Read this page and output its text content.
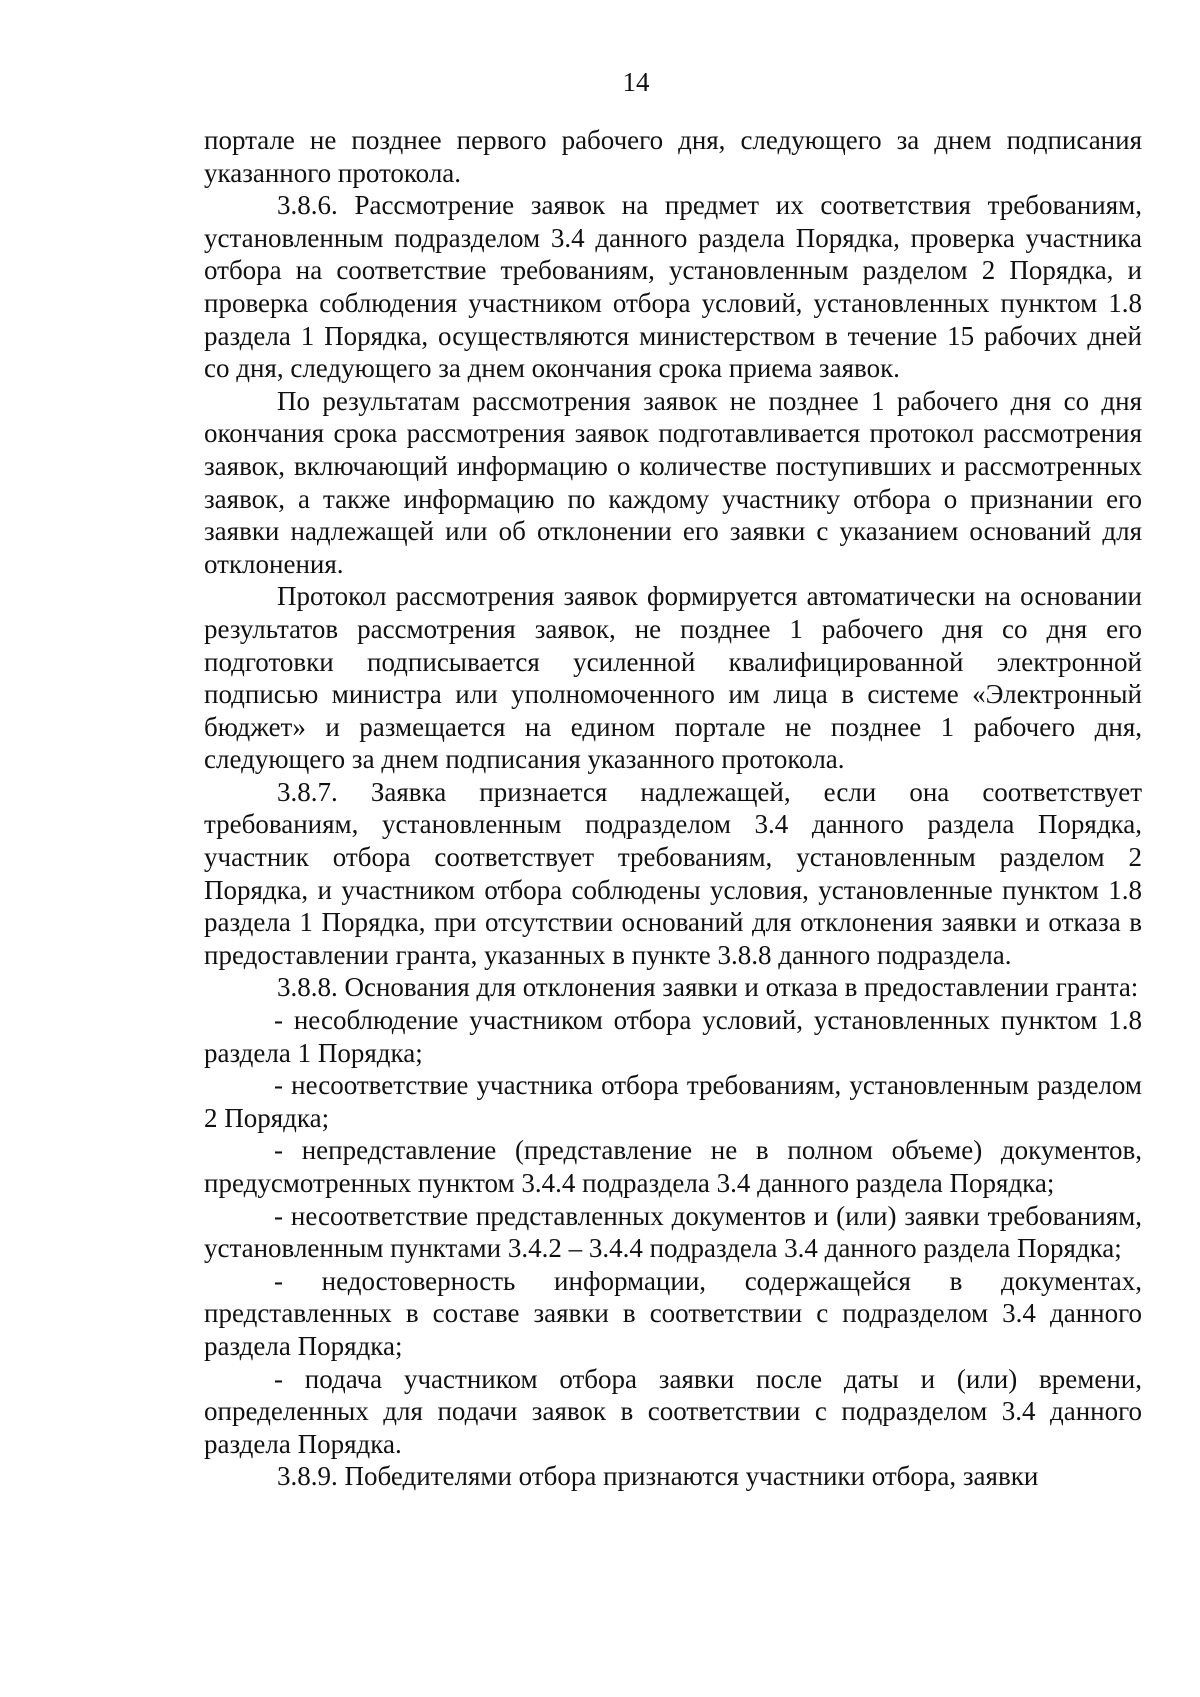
14

портале не позднее первого рабочего дня, следующего за днем подписания указанного протокола.

3.8.6. Рассмотрение заявок на предмет их соответствия требованиям, установленным подразделом 3.4 данного раздела Порядка, проверка участника отбора на соответствие требованиям, установленным разделом 2 Порядка, и проверка соблюдения участником отбора условий, установленных пунктом 1.8 раздела 1 Порядка, осуществляются министерством в течение 15 рабочих дней со дня, следующего за днем окончания срока приема заявок.

По результатам рассмотрения заявок не позднее 1 рабочего дня со дня окончания срока рассмотрения заявок подготавливается протокол рассмотрения заявок, включающий информацию о количестве поступивших и рассмотренных заявок, а также информацию по каждому участнику отбора о признании его заявки надлежащей или об отклонении его заявки с указанием оснований для отклонения.

Протокол рассмотрения заявок формируется автоматически на основании результатов рассмотрения заявок, не позднее 1 рабочего дня со дня его подготовки подписывается усиленной квалифицированной электронной подписью министра или уполномоченного им лица в системе «Электронный бюджет» и размещается на едином портале не позднее 1 рабочего дня, следующего за днем подписания указанного протокола.

3.8.7. Заявка признается надлежащей, если она соответствует требованиям, установленным подразделом 3.4 данного раздела Порядка, участник отбора соответствует требованиям, установленным разделом 2 Порядка, и участником отбора соблюдены условия, установленные пунктом 1.8 раздела 1 Порядка, при отсутствии оснований для отклонения заявки и отказа в предоставлении гранта, указанных в пункте 3.8.8 данного подраздела.

3.8.8. Основания для отклонения заявки и отказа в предоставлении гранта:

- несоблюдение участником отбора условий, установленных пунктом 1.8 раздела 1 Порядка;

- несоответствие участника отбора требованиям, установленным разделом 2 Порядка;

- непредставление (представление не в полном объеме) документов, предусмотренных пунктом 3.4.4 подраздела 3.4 данного раздела Порядка;

- несоответствие представленных документов и (или) заявки требованиям, установленным пунктами 3.4.2 – 3.4.4 подраздела 3.4 данного раздела Порядка;

- недостоверность информации, содержащейся в документах, представленных в составе заявки в соответствии с подразделом 3.4 данного раздела Порядка;

- подача участником отбора заявки после даты и (или) времени, определенных для подачи заявок в соответствии с подразделом 3.4 данного раздела Порядка.

3.8.9. Победителями отбора признаются участники отбора, заявки
